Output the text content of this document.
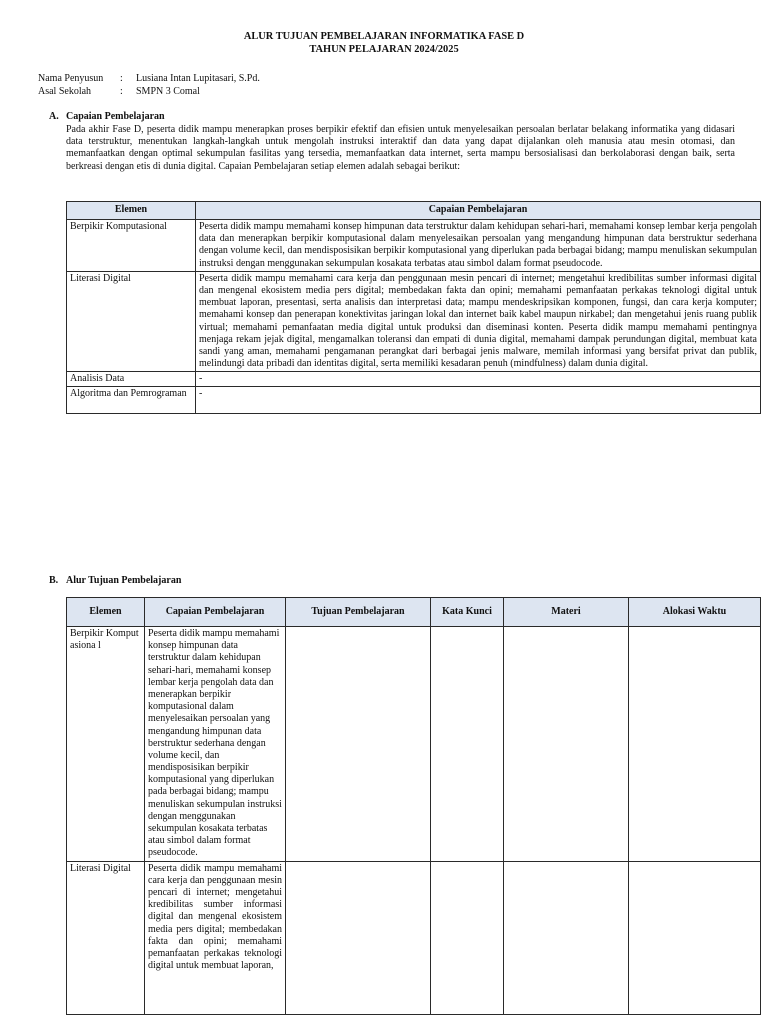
ALUR TUJUAN PEMBELAJARAN INFORMATIKA FASE D
TAHUN PELAJARAN 2024/2025
Nama Penyusun	:	Lusiana Intan Lupitasari, S.Pd.
Asal Sekolah	:	SMPN 3 Comal
A. Capaian Pembelajaran
Pada akhir Fase D, peserta didik mampu menerapkan proses berpikir efektif dan efisien untuk menyelesaikan persoalan berlatar belakang informatika yang didasari data terstruktur, menentukan langkah-langkah untuk mengolah instruksi interaktif dan data yang dapat dijalankan oleh manusia atau mesin otomasi, dan memanfaatkan dengan optimal sekumpulan fasilitas yang tersedia, memanfaatkan data internet, serta mampu bersosialisasi dan berkolaborasi dengan baik, serta berkreasi dengan etis di dunia digital. Capaian Pembelajaran setiap elemen adalah sebagai berikut:
Elemen	Capaian Pembelajaran
Berpikir Komputasional	Peserta didik mampu memahami konsep himpunan data terstruktur dalam kehidupan sehari-hari, memahami konsep lembar kerja pengolah data dan menerapkan berpikir komputasional dalam menyelesaikan persoalan yang mengandung himpunan data berstruktur sederhana dengan volume kecil, dan mendisposisikan berpikir komputasional yang diperlukan pada berbagai bidang; mampu menuliskan sekumpulan instruksi dengan menggunakan sekumpulan kosakata terbatas atau simbol dalam format pseudocode.
Literasi Digital	Peserta didik mampu memahami cara kerja dan penggunaan mesin pencari di internet; mengetahui kredibilitas sumber informasi digital dan mengenal ekosistem media pers digital; membedakan fakta dan opini; memahami pemanfaatan perkakas teknologi digital untuk membuat laporan, presentasi, serta analisis dan interpretasi data; mampu mendeskripsikan komponen, fungsi, dan cara kerja komputer; memahami konsep dan penerapan konektivitas jaringan lokal dan internet baik kabel maupun nirkabel; dan mengetahui jenis ruang publik virtual; memahami pemanfaatan media digital untuk produksi dan diseminasi konten. Peserta didik mampu memahami pentingnya menjaga rekam jejak digital, mengamalkan toleransi dan empati di dunia digital, memahami dampak perundungan digital, membuat kata sandi yang aman, memahami pengamanan perangkat dari berbagai jenis malware, memilah informasi yang bersifat privat dan publik, melindungi data pribadi dan identitas digital, serta memiliki kesadaran penuh (mindfulness) dalam dunia digital.
Analisis Data	-
Algoritma dan Pemrograman	-
B. Alur Tujuan Pembelajaran
Elemen	Capaian Pembelajaran	Tujuan Pembelajaran	Kata Kunci	Materi	Alokasi Waktu
Berpikir Komputasiona l	Peserta didik mampu memahami konsep himpunan data terstruktur dalam kehidupan sehari-hari, memahami konsep lembar kerja pengolah data dan menerapkan berpikir komputasional dalam menyelesaikan persoalan yang mengandung himpunan data berstruktur sederhana dengan volume kecil, dan mendisposisikan berpikir komputasional yang diperlukan pada berbagai bidang; mampu menuliskan sekumpulan instruksi dengan menggunakan sekumpulan kosakata terbatas atau simbol dalam format pseudocode.				
Literasi Digital	Peserta didik mampu memahami cara kerja dan penggunaan mesin pencari di internet; mengetahui kredibilitas sumber informasi digital dan mengenal ekosistem media pers digital; membedakan fakta dan opini; memahami pemanfaatan perkakas teknologi digital untuk membuat laporan,				
